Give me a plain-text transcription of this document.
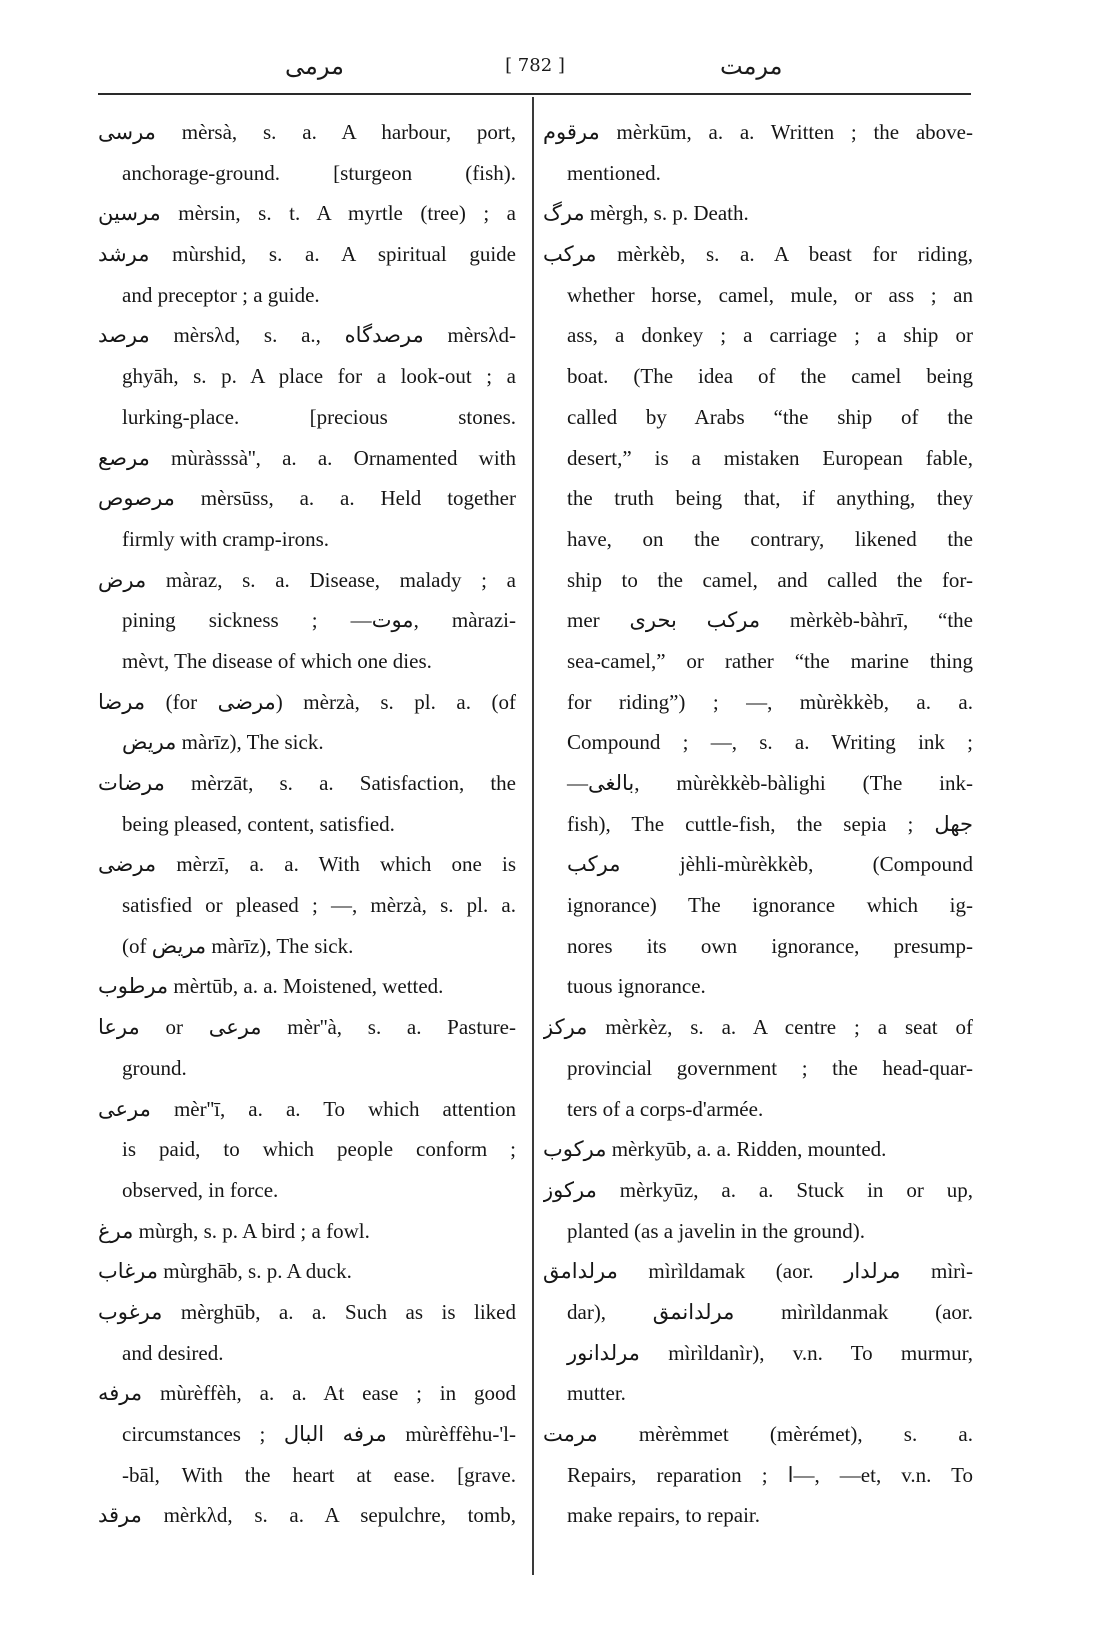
مرمى	[ 782 ]	مرمت
مرسى mèrsà, s. a. A harbour, port,
anchorage-ground. [sturgeon (fish).
مرسين mèrsin, s. t. A myrtle (tree) ; a
مرشد mùrshid, s. a. A spiritual guide
and preceptor ; a guide.
مرصد mèrsλd, s. a., مرصدگاه mèrsλd-
ghyāh, s. p. A place for a look-out ; a
lurking-place. [precious stones.
مرصع mùràsssà'', a. a. Ornamented with
مرصوص mèrsūss, a. a. Held together
firmly with cramp-irons.
مرض màraz, s. a. Disease, malady ; a
pining sickness ; —موت, màrazi-
mèvt, The disease of which one dies.
مرضا (for مرضى) mèrzà, s. pl. a. (of
مريض màrīz), The sick.
مرضات mèrzāt, s. a. Satisfaction, the
being pleased, content, satisfied.
مرضى mèrzī, a. a. With which one is
satisfied or pleased ; —, mèrzà, s. pl. a.
(of مريض màrīz), The sick.
مرطوب mèrtūb, a. a. Moistened, wetted.
مرعا or مرعى mèr''à, s. a. Pasture-
ground.
مرعى mèr''ī, a. a. To which attention
is paid, to which people conform ;
observed, in force.
مرغ mùrgh, s. p. A bird ; a fowl.
مرغاب mùrghāb, s. p. A duck.
مرغوب mèrghūb, a. a. Such as is liked
and desired.
مرفه mùrèffèh, a. a. At ease ; in good
circumstances ; مرفه البال mùrèffèhu-'l-
-bāl, With the heart at ease. [grave.
مرقد mèrkλd, s. a. A sepulchre, tomb,
مرقوم mèrkūm, a. a. Written ; the above-
mentioned.
مرگ mèrgh, s. p. Death.
مركب mèrkèb, s. a. A beast for riding,
whether horse, camel, mule, or ass ; an
ass, a donkey ; a carriage ; a ship or
boat. (The idea of the camel being
called by Arabs “the ship of the
desert,” is a mistaken European fable,
the truth being that, if anything, they
have, on the contrary, likened the
ship to the camel, and called the for-
mer مركب بحرى mèrkèb-bàhrī, “the
sea-camel,” or rather “the marine thing
for riding”) ; —, mùrèkkèb, a. a.
Compound ; —, s. a. Writing ink ;
—بالغى, mùrèkkèb-bàlighi (The ink-
fish), The cuttle-fish, the sepia ; جهل
مركب jèhli-mùrèkkèb, (Compound
ignorance) The ignorance which ig-
nores its own ignorance, presump-
tuous ignorance.
مركز mèrkèz, s. a. A centre ; a seat of
provincial government ; the head-quar-
ters of a corps-d'armée.
مركوب mèrkyūb, a. a. Ridden, mounted.
مركوز mèrkyūz, a. a. Stuck in or up,
planted (as a javelin in the ground).
مرلدامق mìrìldamak (aor. مرلدار mìrì-
dar), مرلدانمق mìrìldanmak (aor.
مرلدانور mìrìldanìr), v.n. To murmur,
mutter.
مرمت mèrèmmet (mèrémet), s. a.
Repairs, reparation ; ا—, —et, v.n. To
make repairs, to repair.
